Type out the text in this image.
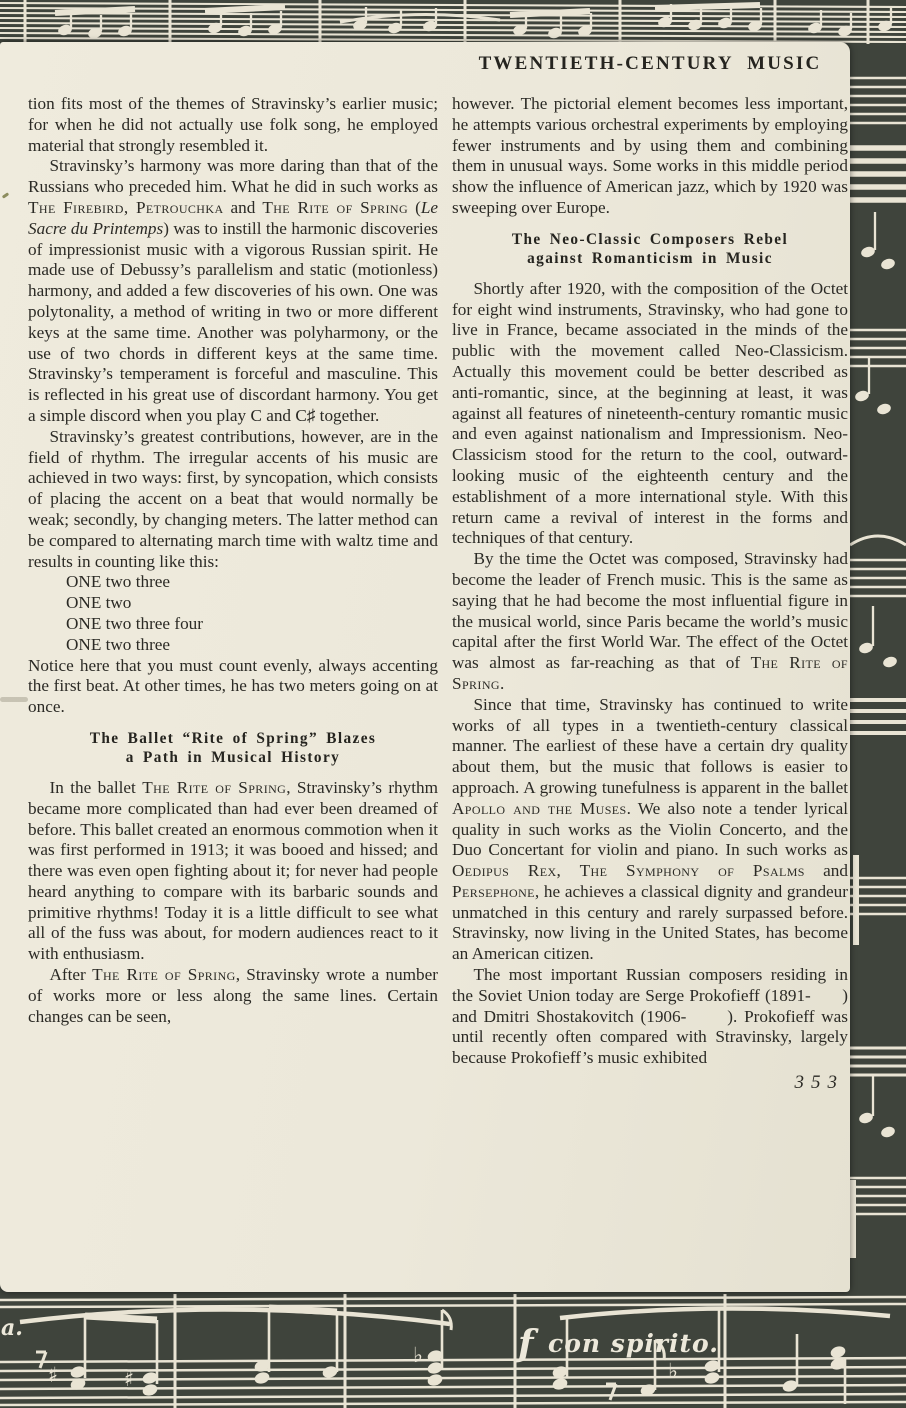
♯	♯
♭
♭
f con spirito.
a.
TWENTIETH-CENTURY MUSIC

tion fits most of the themes of Stravinsky’s earlier music; for when he did not actually use folk song, he employed material that strongly resembled it.

Stravinsky’s harmony was more daring than that of the Russians who preceded him. What he did in such works as The Firebird, Petrouchka and The Rite of Spring (Le Sacre du Printemps) was to instill the harmonic discoveries of impressionist music with a vigorous Russian spirit. He made use of Debussy’s parallelism and static (motionless) harmony, and added a few discoveries of his own. One was polytonality, a method of writing in two or more different keys at the same time. Another was polyharmony, or the use of two chords in different keys at the same time. Stravinsky’s temperament is forceful and masculine. This is reflected in his great use of discordant harmony. You get a simple discord when you play C and C♯ together.

Stravinsky’s greatest contributions, however, are in the field of rhythm. The irregular accents of his music are achieved in two ways: first, by syncopation, which consists of placing the accent on a beat that would normally be weak; secondly, by changing meters. The latter method can be compared to alternating march time with waltz time and results in counting like this:

ONE two three
ONE two
ONE two three four
ONE two three

Notice here that you must count evenly, always accenting the first beat. At other times, he has two meters going on at once.

The Ballet “Rite of Spring” Blazes
a Path in Musical History

In the ballet The Rite of Spring, Stravinsky’s rhythm became more complicated than had ever been dreamed of before. This ballet created an enormous commotion when it was first performed in 1913; it was booed and hissed; and there was even open fighting about it; for never had people heard anything to compare with its barbaric sounds and primitive rhythms! Today it is a little difficult to see what all of the fuss was about, for modern audiences react to it with enthusiasm.

After The Rite of Spring, Stravinsky wrote a number of works more or less along the same lines. Certain changes can be seen,

however. The pictorial element becomes less important, he attempts various orchestral experiments by employing fewer instruments and by using them and combining them in unusual ways. Some works in this middle period show the influence of American jazz, which by 1920 was sweeping over Europe.

The Neo-Classic Composers Rebel
against Romanticism in Music

Shortly after 1920, with the composition of the Octet for eight wind instruments, Stravinsky, who had gone to live in France, became associated in the minds of the public with the movement called Neo-Classicism. Actually this movement could be better described as anti-romantic, since, at the beginning at least, it was against all features of nineteenth-century romantic music and even against nationalism and Impressionism. Neo-Classicism stood for the return to the cool, outward-looking music of the eighteenth century and the establishment of a more international style. With this return came a revival of interest in the forms and techniques of that century.

By the time the Octet was composed, Stravinsky had become the leader of French music. This is the same as saying that he had become the most influential figure in the musical world, since Paris became the world’s music capital after the first World War. The effect of the Octet was almost as far-reaching as that of The Rite of Spring.

Since that time, Stravinsky has continued to write works of all types in a twentieth-century classical manner. The earliest of these have a certain dry quality about them, but the music that follows is easier to approach. A growing tunefulness is apparent in the ballet Apollo and the Muses. We also note a tender lyrical quality in such works as the Violin Concerto, and the Duo Concertant for violin and piano. In such works as Oedipus Rex, The Symphony of Psalms and Persephone, he achieves a classical dignity and grandeur unmatched in this century and rarely surpassed before. Stravinsky, now living in the United States, has become an American citizen.

The most important Russian composers residing in the Soviet Union today are Serge Prokofieff (1891-      ) and Dmitri Shostakovitch (1906-      ). Prokofieff was until recently often compared with Stravinsky, largely because Prokofieff’s music exhibited

353
